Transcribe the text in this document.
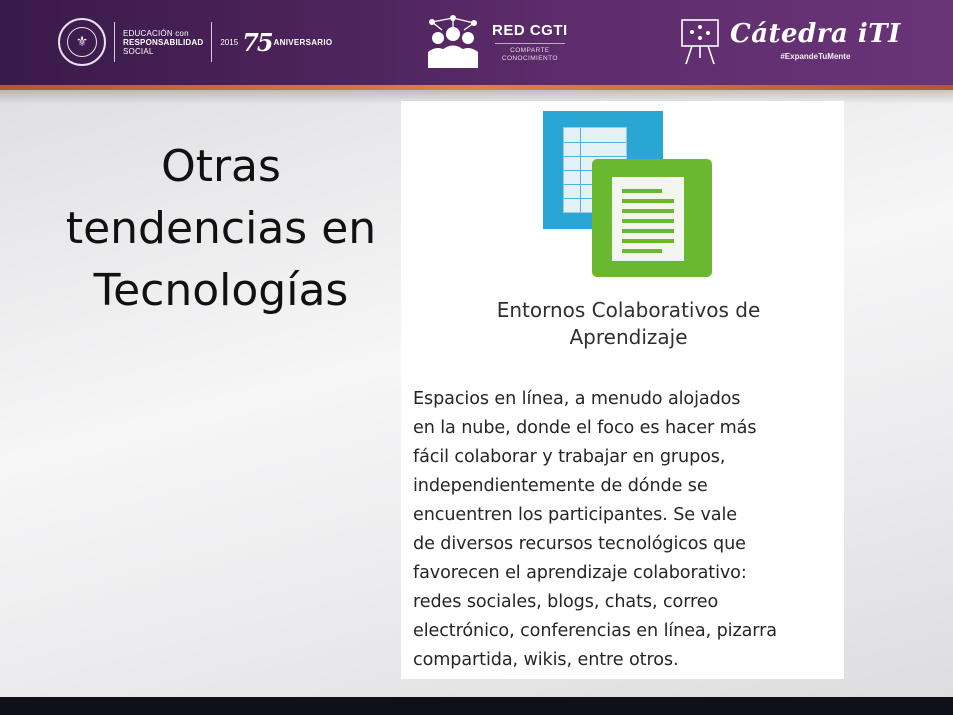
⚜
EDUCACIÓN con
RESPONSABILIDAD
SOCIAL
2015 75 ANIVERSARIO
RED CGTI
COMPARTE
CONOCIMIENTO
Cátedra iTI
#ExpandeTuMente
Otras
tendencias en
Tecnologías	Entornos Colaborativos de
Aprendizaje
Espacios en línea, a menudo alojados
en la nube, donde el foco es hacer más
fácil colaborar y trabajar en grupos,
independientemente de dónde se
encuentren los participantes. Se vale
de diversos recursos tecnológicos que
favorecen el aprendizaje colaborativo:
redes sociales, blogs, chats, correo
electrónico, conferencias en línea, pizarra
compartida, wikis, entre otros.
